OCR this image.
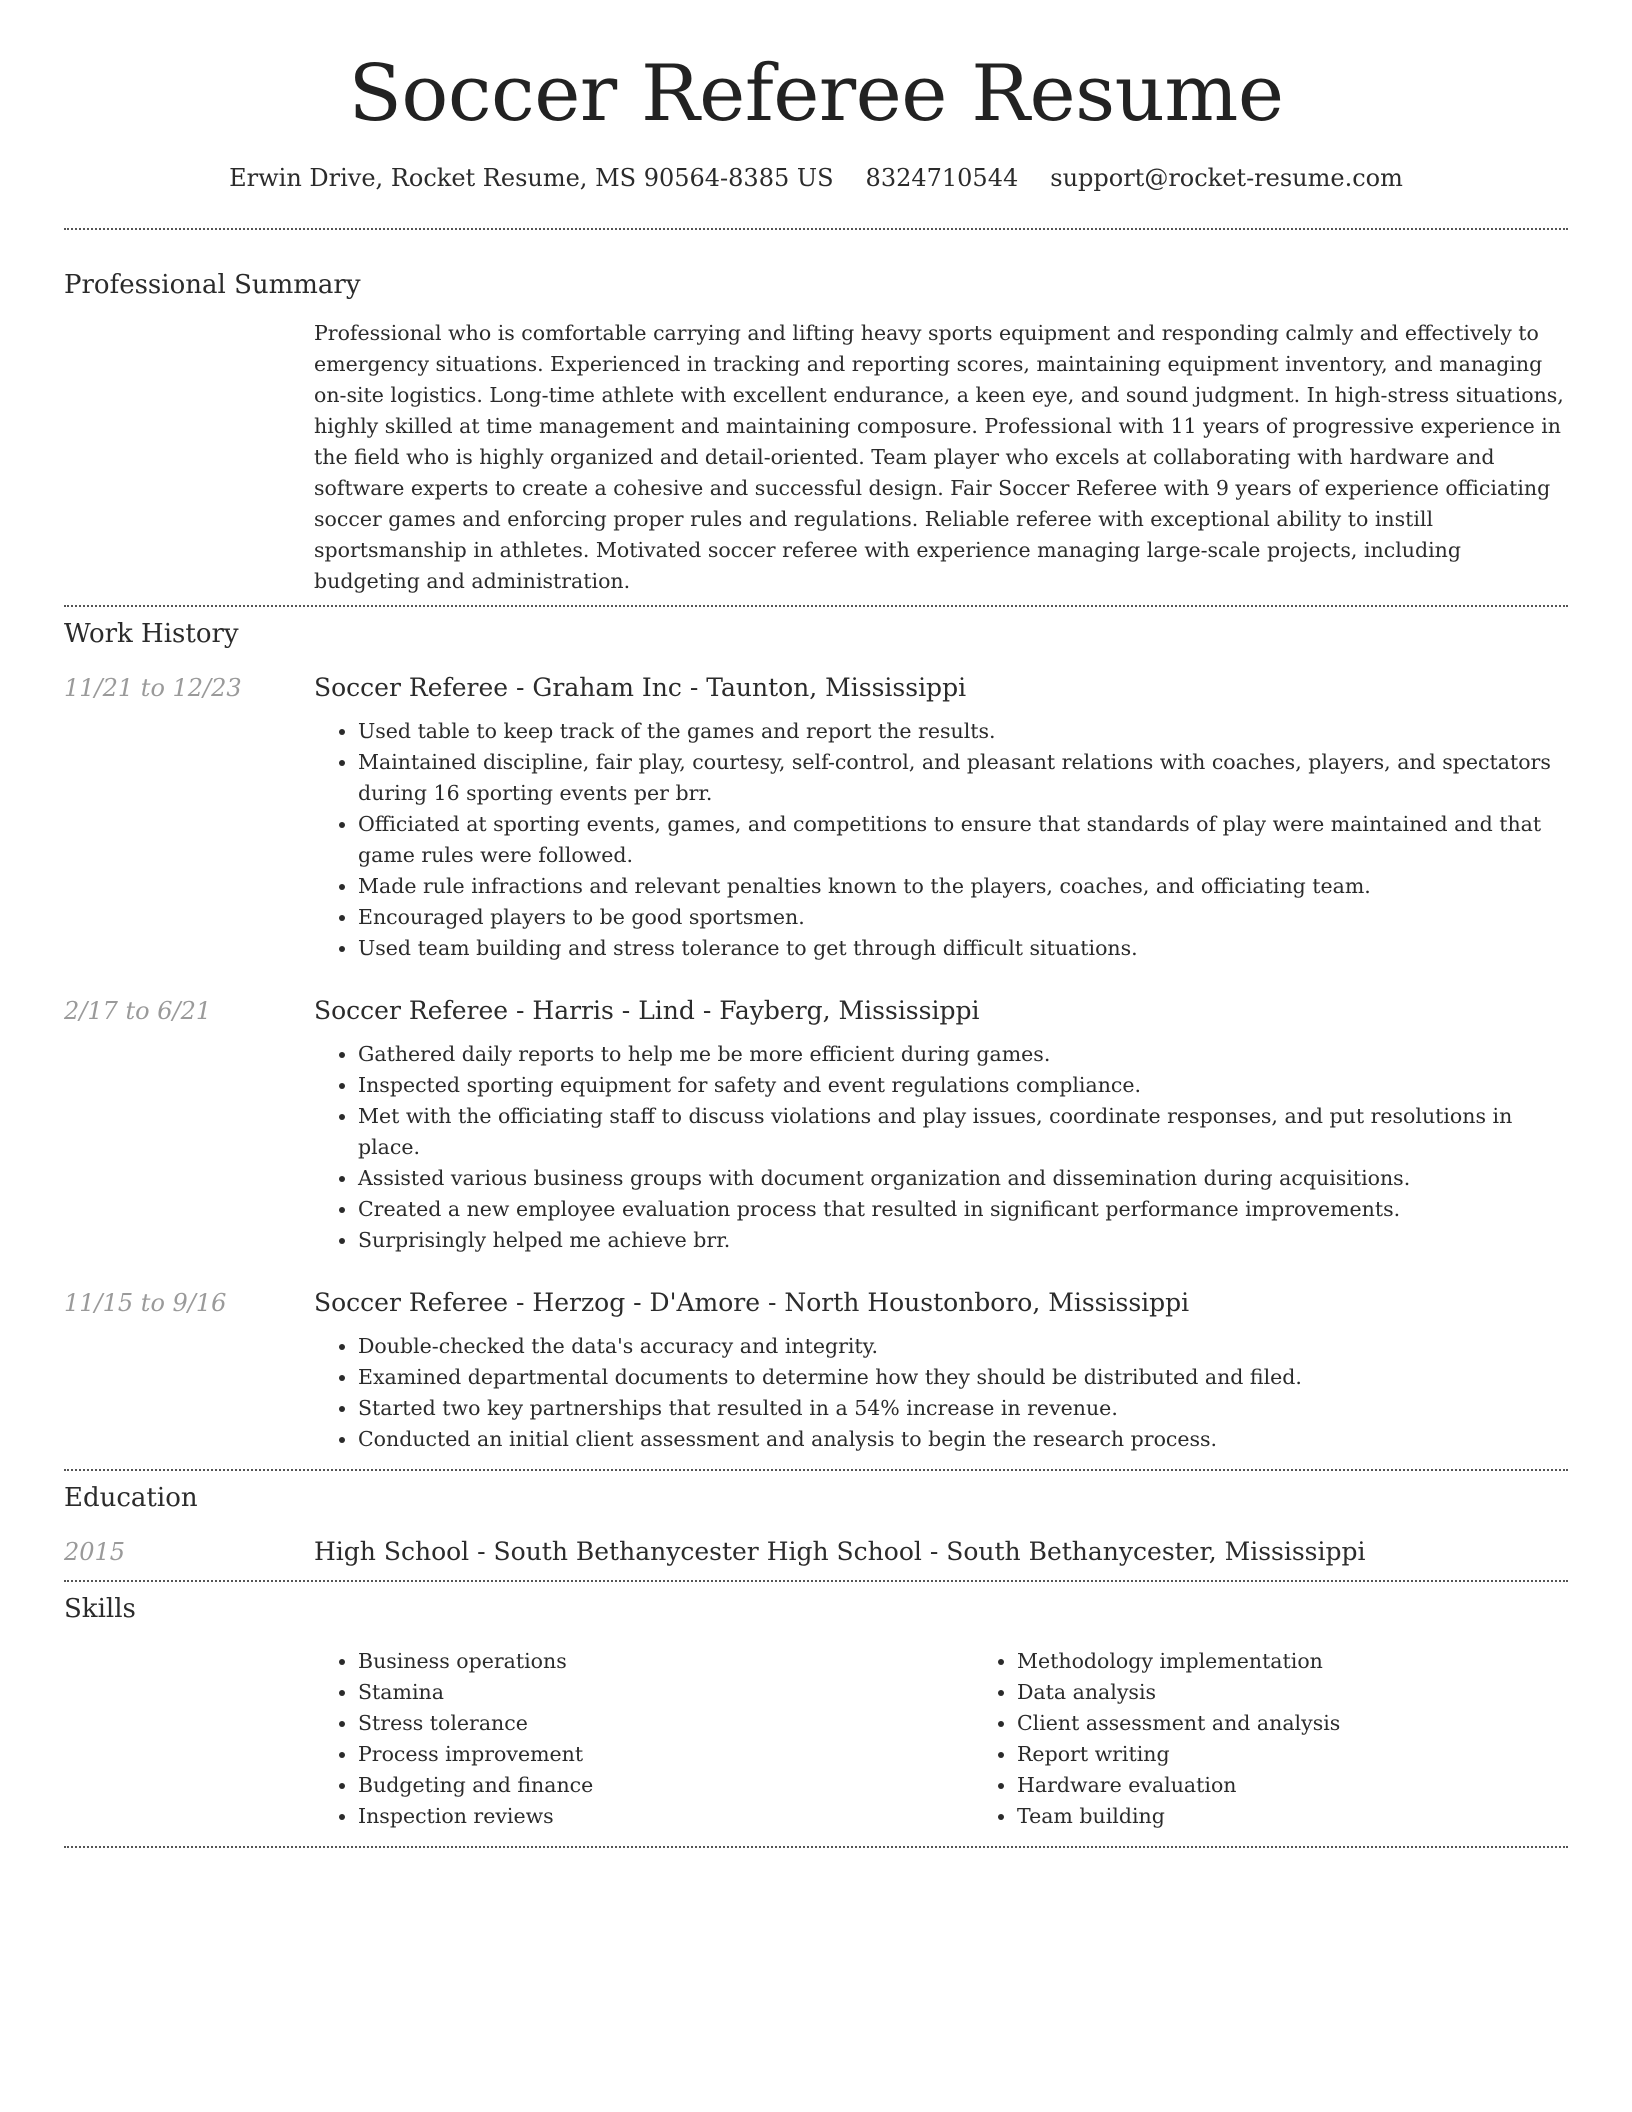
Soccer Referee Resume
Erwin Drive, Rocket Resume, MS 90564-8385 US 8324710544 support@rocket-resume.com
Professional Summary
Professional who is comfortable carrying and lifting heavy sports equipment and responding calmly and effectively to emergency situations. Experienced in tracking and reporting scores, maintaining equipment inventory, and managing on-site logistics. Long-time athlete with excellent endurance, a keen eye, and sound judgment. In high-stress situations, highly skilled at time management and maintaining composure. Professional with 11 years of progressive experience in the field who is highly organized and detail-oriented. Team player who excels at collaborating with hardware and software experts to create a cohesive and successful design. Fair Soccer Referee with 9 years of experience officiating soccer games and enforcing proper rules and regulations. Reliable referee with exceptional ability to instill sportsmanship in athletes. Motivated soccer referee with experience managing large-scale projects, including budgeting and administration.
Work History
11/21 to 12/23	Soccer Referee - Graham Inc - Taunton, Mississippi
• Used table to keep track of the games and report the results.
• Maintained discipline, fair play, courtesy, self-control, and pleasant relations with coaches, players, and spectators during 16 sporting events per brr.
• Officiated at sporting events, games, and competitions to ensure that standards of play were maintained and that game rules were followed.
• Made rule infractions and relevant penalties known to the players, coaches, and officiating team.
• Encouraged players to be good sportsmen.
• Used team building and stress tolerance to get through difficult situations.
2/17 to 6/21	Soccer Referee - Harris - Lind - Fayberg, Mississippi
• Gathered daily reports to help me be more efficient during games.
• Inspected sporting equipment for safety and event regulations compliance.
• Met with the officiating staff to discuss violations and play issues, coordinate responses, and put resolutions in place.
• Assisted various business groups with document organization and dissemination during acquisitions.
• Created a new employee evaluation process that resulted in significant performance improvements.
• Surprisingly helped me achieve brr.
11/15 to 9/16	Soccer Referee - Herzog - D'Amore - North Houstonboro, Mississippi
• Double-checked the data's accuracy and integrity.
• Examined departmental documents to determine how they should be distributed and filed.
• Started two key partnerships that resulted in a 54% increase in revenue.
• Conducted an initial client assessment and analysis to begin the research process.
Education
2015	High School - South Bethanycester High School - South Bethanycester, Mississippi
Skills
• Business operations
• Stamina
• Stress tolerance
• Process improvement
• Budgeting and finance
• Inspection reviews
• Methodology implementation
• Data analysis
• Client assessment and analysis
• Report writing
• Hardware evaluation
• Team building
